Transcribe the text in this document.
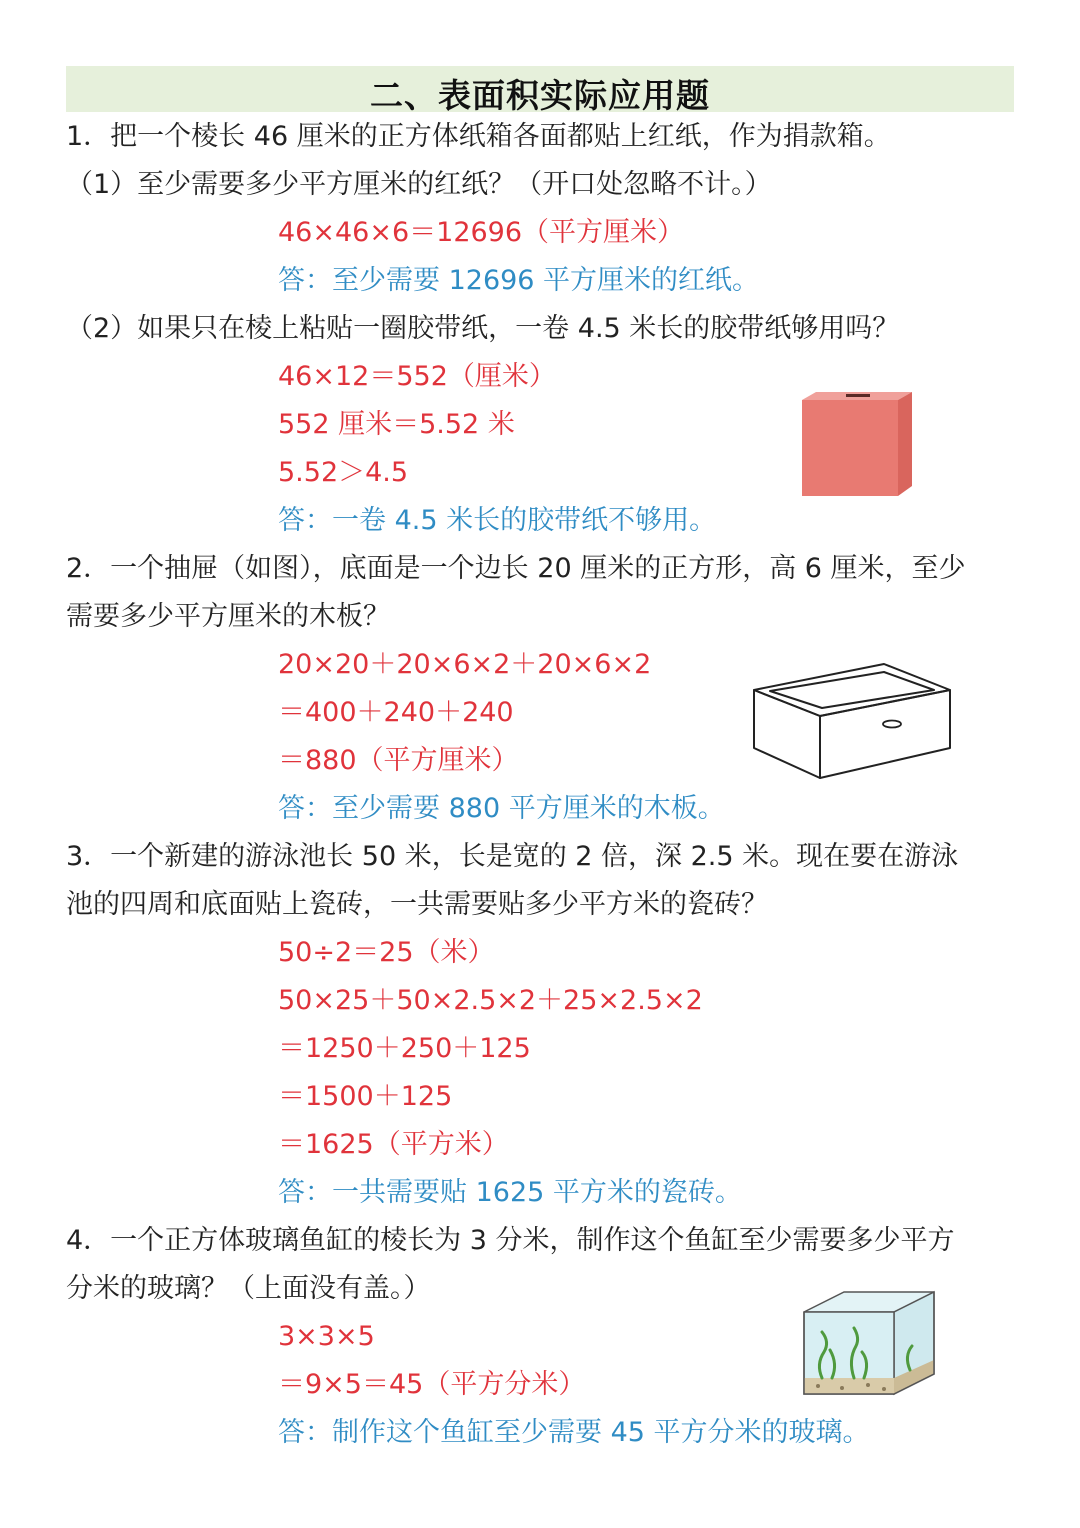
二、表面积实际应用题
1．把一个棱长 46 厘米的正方体纸箱各面都贴上红纸，作为捐款箱。
（1）至少需要多少平方厘米的红纸？（开口处忽略不计。）
46×46×6＝12696（平方厘米）
答：至少需要 12696 平方厘米的红纸。
（2）如果只在棱上粘贴一圈胶带纸，一卷 4.5 米长的胶带纸够用吗？
46×12＝552（厘米）
552 厘米＝5.52 米
5.52＞4.5
答：一卷 4.5 米长的胶带纸不够用。
2．一个抽屉（如图），底面是一个边长 20 厘米的正方形，高 6 厘米，至少
需要多少平方厘米的木板？
20×20＋20×6×2＋20×6×2
＝400＋240＋240
＝880（平方厘米）
答：至少需要 880 平方厘米的木板。
3．一个新建的游泳池长 50 米，长是宽的 2 倍，深 2.5 米。现在要在游泳
池的四周和底面贴上瓷砖，一共需要贴多少平方米的瓷砖？
50÷2＝25（米）
50×25＋50×2.5×2＋25×2.5×2
＝1250＋250＋125
＝1500＋125
＝1625（平方米）
答：一共需要贴 1625 平方米的瓷砖。
4．一个正方体玻璃鱼缸的棱长为 3 分米，制作这个鱼缸至少需要多少平方
分米的玻璃？（上面没有盖。）
3×3×5
＝9×5＝45（平方分米）
答：制作这个鱼缸至少需要 45 平方分米的玻璃。
